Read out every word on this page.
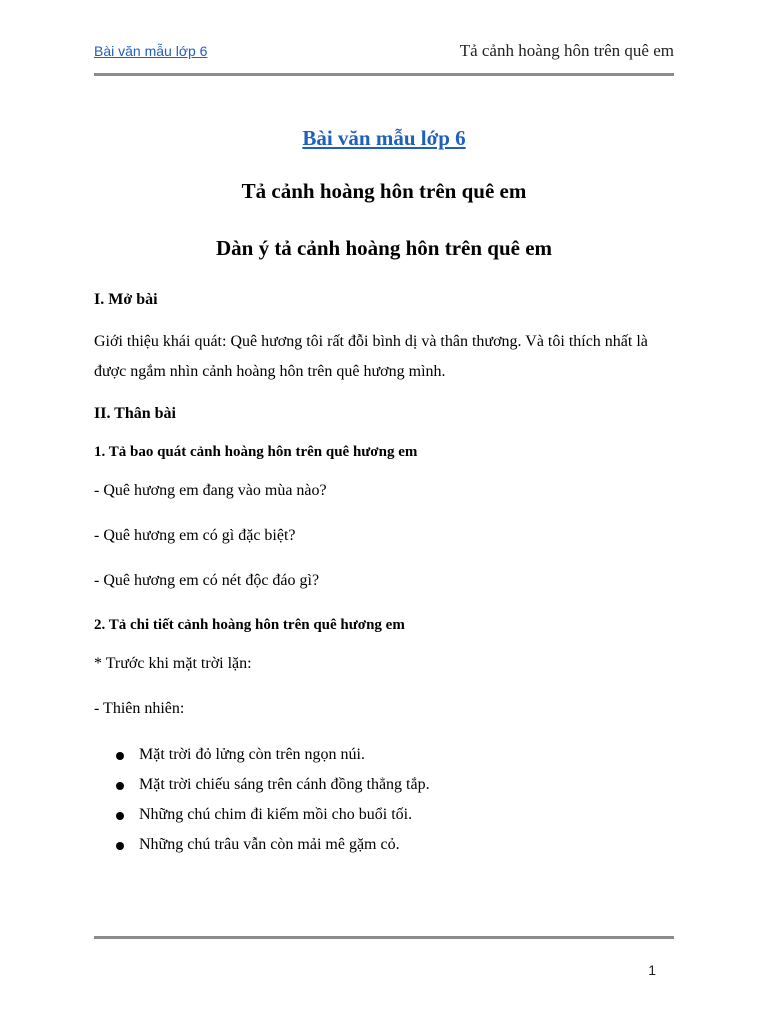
Bài văn mẫu lớp 6	Tả cảnh hoàng hôn trên quê em
Bài văn mẫu lớp 6
Tả cảnh hoàng hôn trên quê em
Dàn ý tả cảnh hoàng hôn trên quê em
I. Mở bài

Giới thiệu khái quát: Quê hương tôi rất đỗi bình dị và thân thương. Và tôi thích nhất là được ngắm nhìn cảnh hoàng hôn trên quê hương mình.

II. Thân bài
1. Tả bao quát cảnh hoàng hôn trên quê hương em

- Quê hương em đang vào mùa nào?

- Quê hương em có gì đặc biệt?

- Quê hương em có nét độc đáo gì?

2. Tả chi tiết cảnh hoàng hôn trên quê hương em

* Trước khi mặt trời lặn:

- Thiên nhiên:

Mặt trời đỏ lửng còn trên ngọn núi.
Mặt trời chiếu sáng trên cánh đồng thẳng tắp.
Những chú chim đi kiếm mồi cho buổi tối.
Những chú trâu vẫn còn mải mê gặm cỏ.
1
